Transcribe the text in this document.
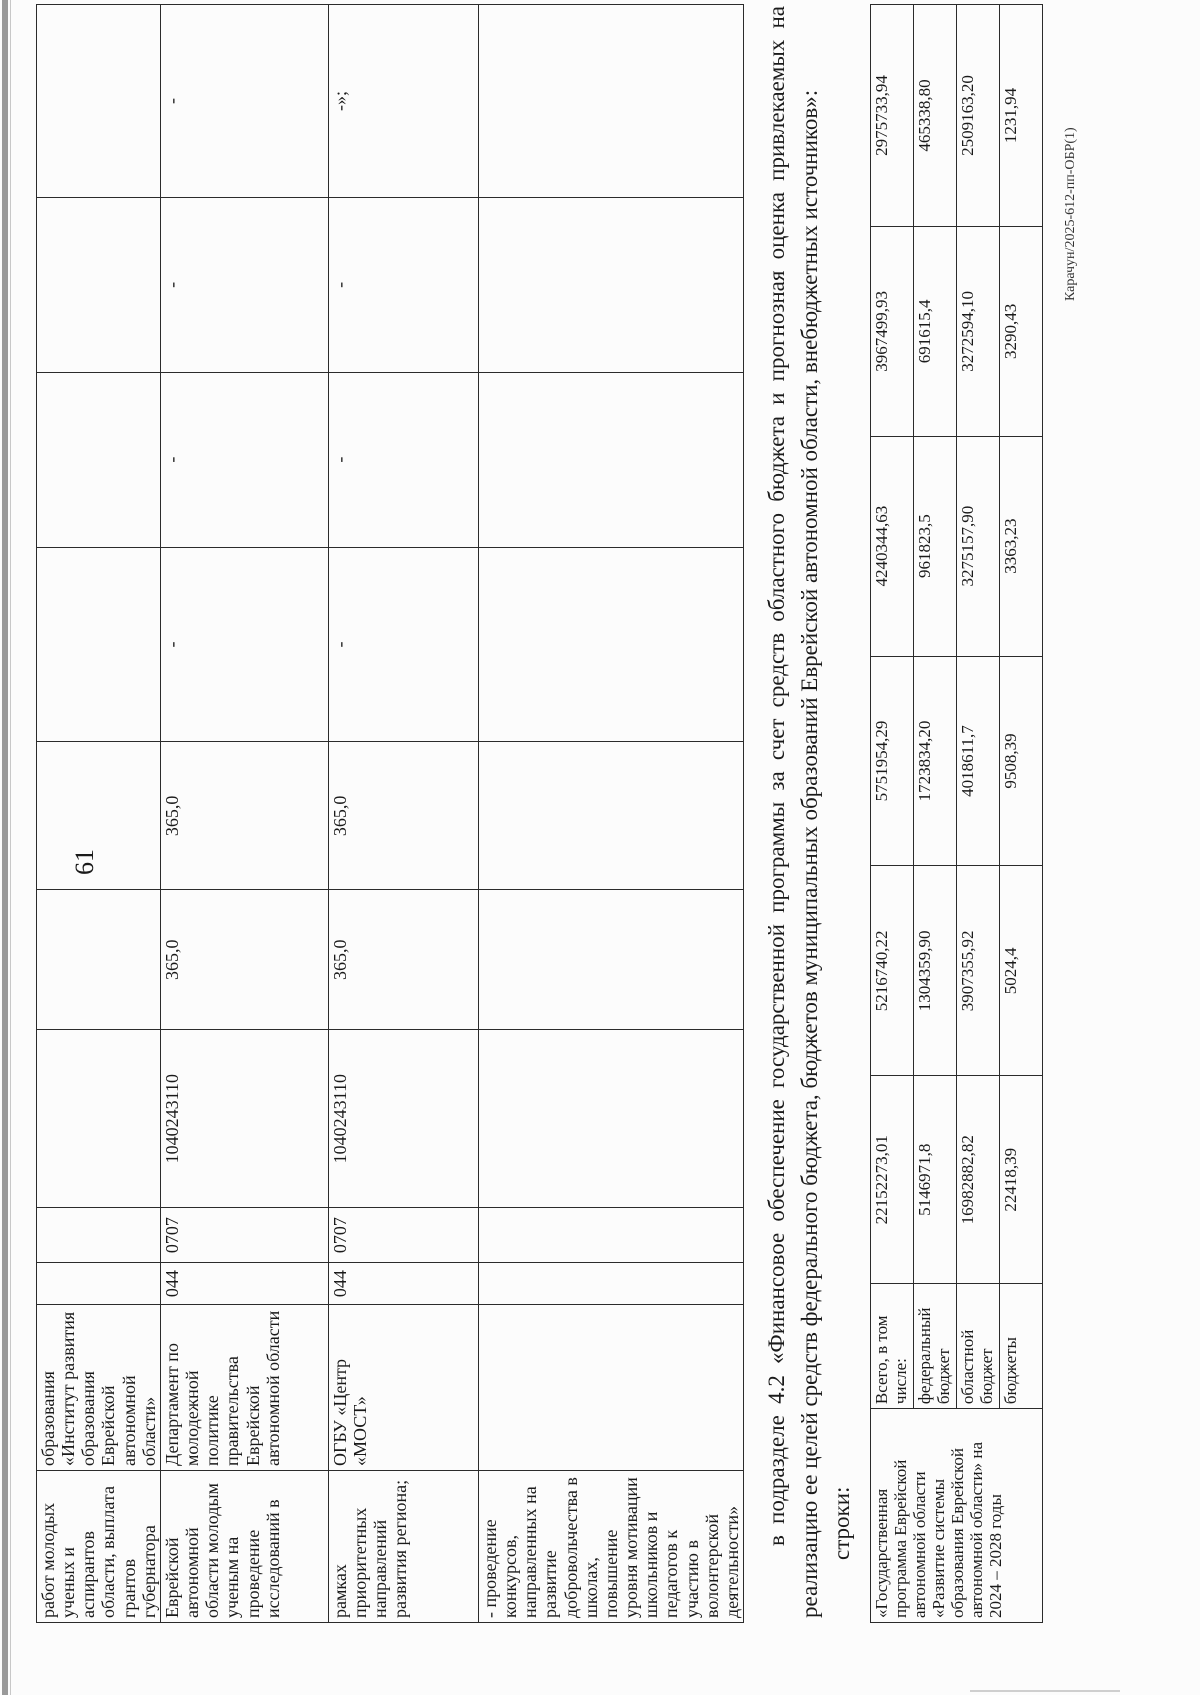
61
работ молодых ученых и аспирантов области, выплата грантов губернатора	образования «Институт развития образования Еврейской автономной области»									
Еврейской автономной области молодым ученым на проведение исследований в	Департамент по молодежной политике правительства Еврейской автономной области	044	0707	1040243110	365,0	365,0	-	-	-	-
рамках приоритетных направлений развития региона;	ОГБУ «Центр «МОСТ»	044	0707	1040243110	365,0	365,0	-	-	-	-»;
- проведение конкурсов, направленных на развитие добровольчества в школах, повышение уровня мотивации школьников и педагогов к участию в волонтерской деятельности»										
в подразделе 4.2 «Финансовое обеспечение государственной программы за счет средств областного бюджета и прогнозная оценка привлекаемых на реализацию ее целей средств федерального бюджета, бюджетов муниципальных образований Еврейской автономной области, внебюджетных источников»: строки: «Государственная программа Еврейской автономной области «Развитие системы образования Еврейской автономной области» на 2024 – 2028 годы	Всего, в том числе:	22152273,01	5216740,22	5751954,29	4240344,63	3967499,93	2975733,94
	федеральный бюджет	5146971,8	1304359,90	1723834,20	961823,5	691615,4	465338,80
	областной бюджет	16982882,82	3907355,92	4018611,7	3275157,90	3272594,10	2509163,20
	бюджеты	22418,39	5024,4	9508,39	3363,23	3290,43	1231,94
Карачун/2025-612-пп-ОБР(1)
